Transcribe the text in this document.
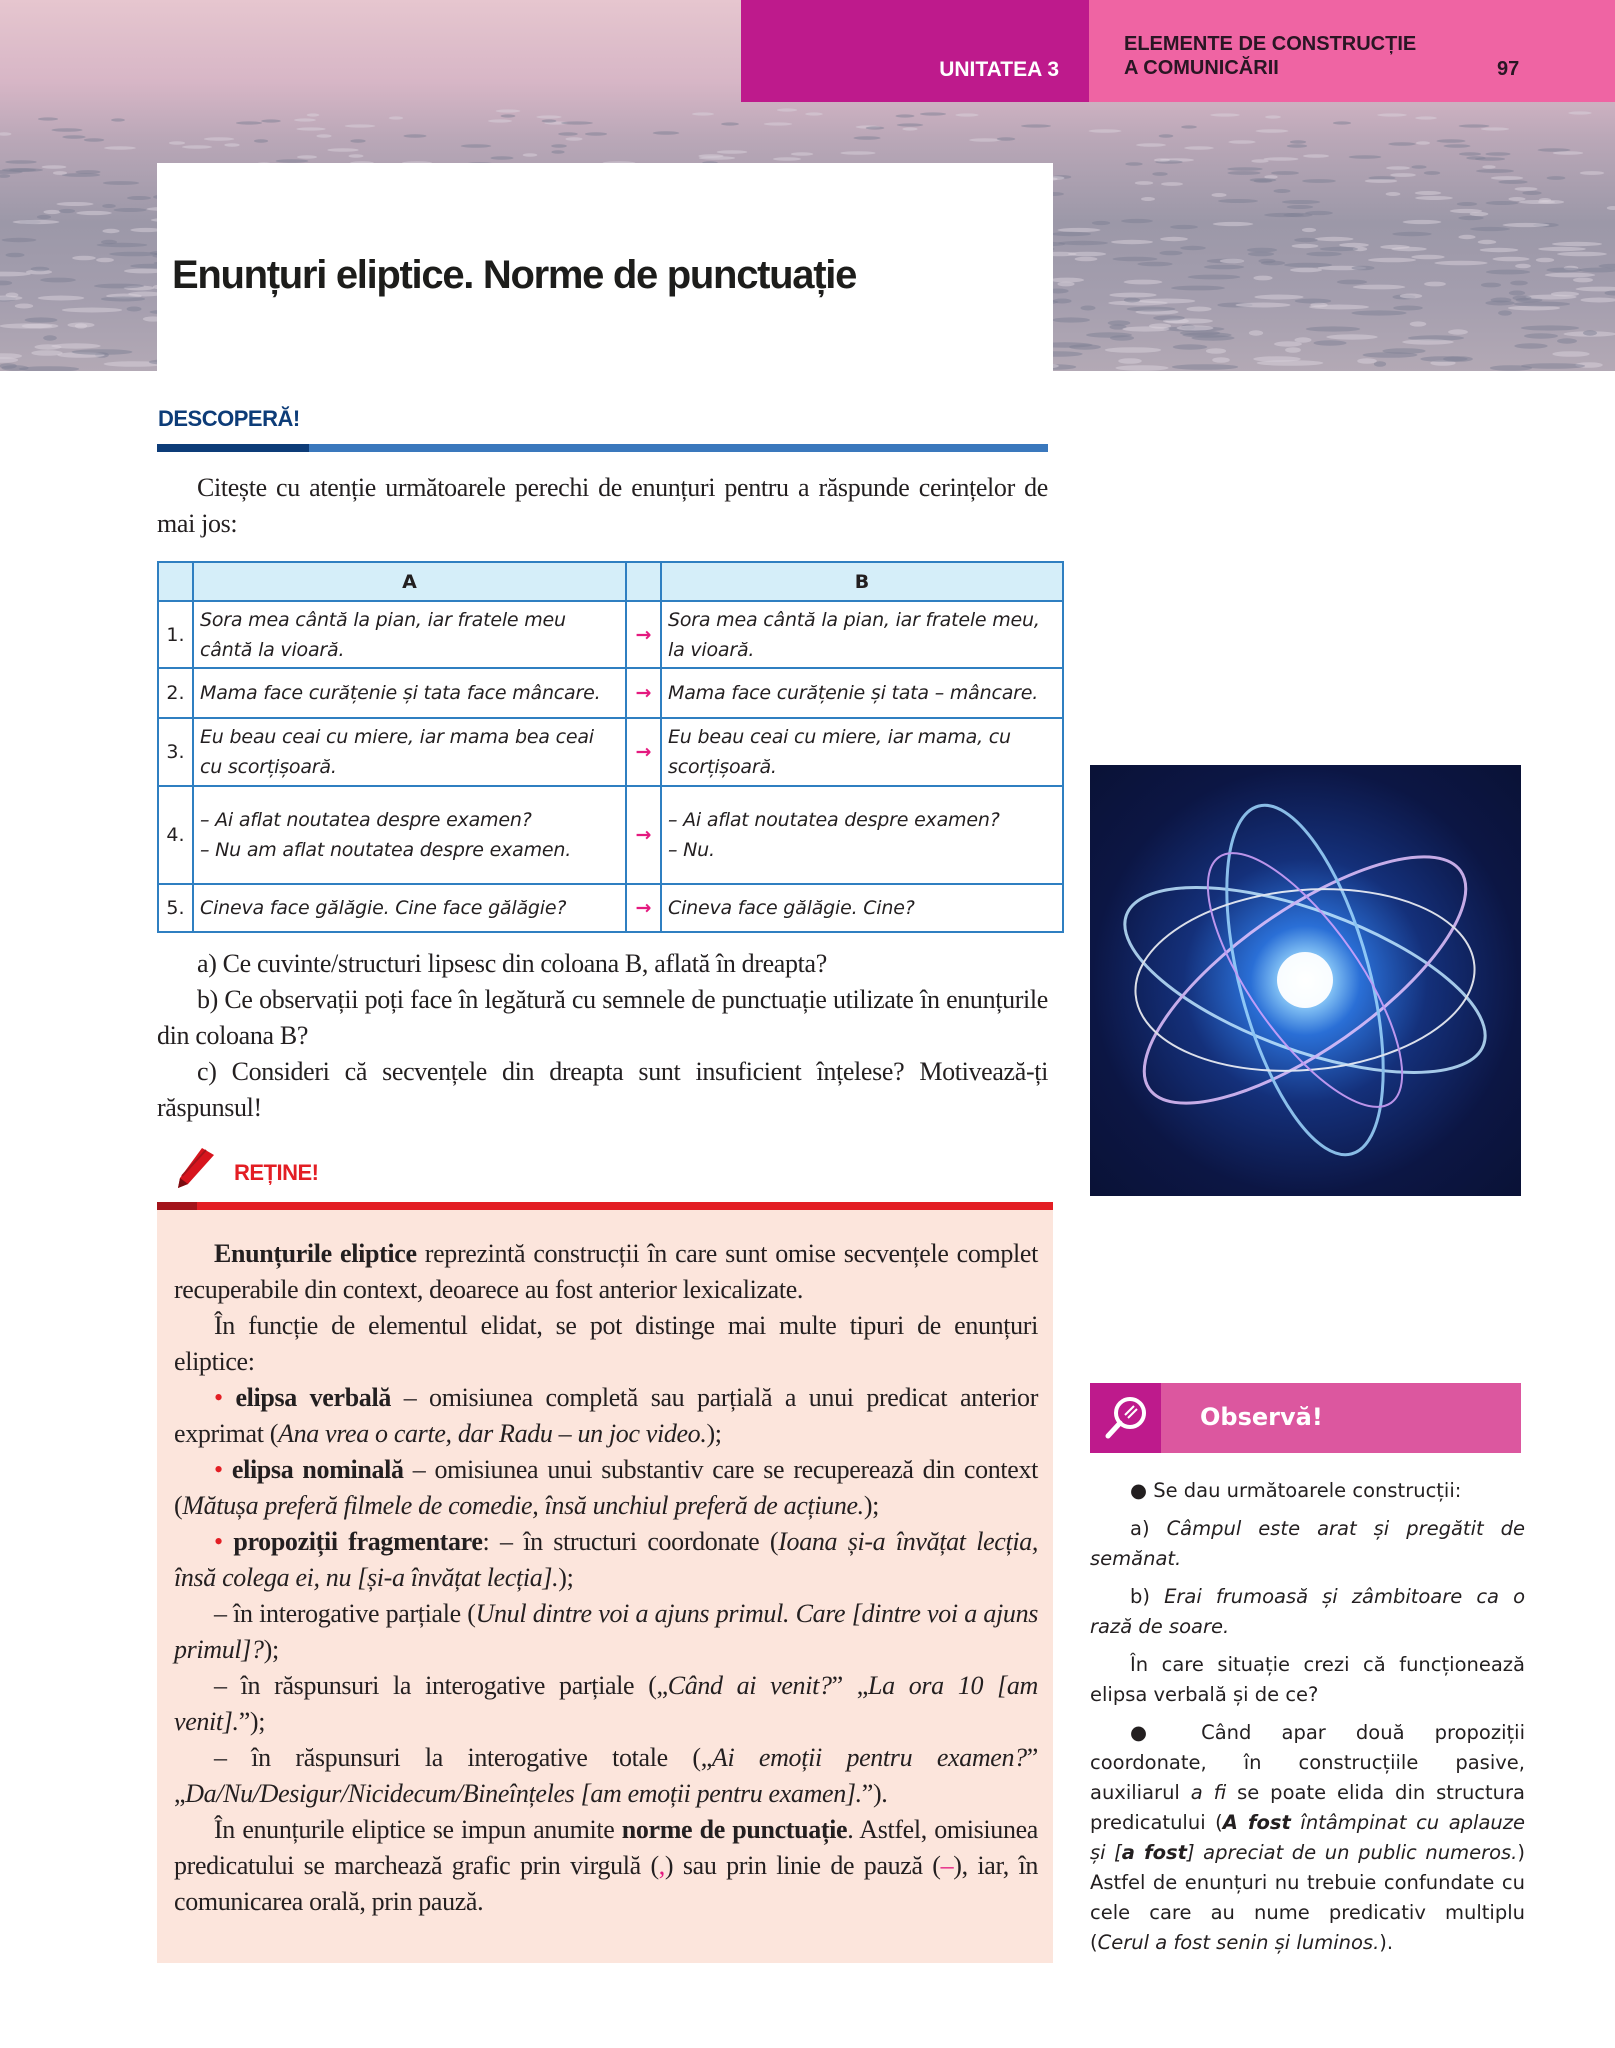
UNITATEA 3
ELEMENTE DE CONSTRUCȚIE
A COMUNICĂRII	97
Enunțuri eliptice. Norme de punctuație
DESCOPERĂ!

Citește cu atenție următoarele perechi de enunțuri pentru a răspunde cerințelor de mai jos:

	A		B
1.	Sora mea cântă la pian, iar fratele meu cântă la vioară.	→	Sora mea cântă la pian, iar fratele meu, la vioară.
2.	Mama face curățenie și tata face mâncare.	→	Mama face curățenie și tata – mâncare.
3.	Eu beau ceai cu miere, iar mama bea ceai cu scorțișoară.	→	Eu beau ceai cu miere, iar mama, cu scorțișoară.
4.	– Ai aflat noutatea despre examen?
– Nu am aflat noutatea despre examen.	→	– Ai aflat noutatea despre examen?
– Nu.
5.	Cineva face gălăgie. Cine face gălăgie?	→	Cineva face gălăgie. Cine?

a) Ce cuvinte/structuri lipsesc din coloana B, aflată în dreapta?

b) Ce observații poți face în legătură cu semnele de punctuație utilizate în enunțurile din coloana B?

c) Consideri că secvențele din dreapta sunt insuficient înțelese? Motivează-ți răspunsul!

REȚINE!

Enunțurile eliptice reprezintă construcții în care sunt omise secvențele complet recuperabile din context, deoarece au fost anterior lexicalizate.

În funcție de elementul elidat, se pot distinge mai multe tipuri de enunțuri eliptice:

• elipsa verbală – omisiunea completă sau parțială a unui predicat anterior exprimat (Ana vrea o carte, dar Radu – un joc video.);

• elipsa nominală – omisiunea unui substantiv care se recuperează din context (Mătușa preferă filmele de comedie, însă unchiul preferă de acțiune.);

• propoziții fragmentare: – în structuri coordonate (Ioana și-a învățat lecția, însă colega ei, nu [și-a învățat lecția].);

– în interogative parțiale (Unul dintre voi a ajuns primul. Care [dintre voi a ajuns primul]?);

– în răspunsuri la interogative parțiale („Când ai venit?” „La ora 10 [am venit].”);

– în răspunsuri la interogative totale („Ai emoții pentru examen?” „Da/Nu/Desigur/Nicidecum/Bineînțeles [am emoții pentru examen].”).

În enunțurile eliptice se impun anumite norme de punctuație. Astfel, omisiunea predicatului se marchează grafic prin virgulă (,) sau prin linie de pauză (–), iar, în comunicarea orală, prin pauză.

Observă!

● Se dau următoarele construcții:

a) Câmpul este arat și pregătit de semănat.

b) Erai frumoasă și zâmbitoare ca o rază de soare.

În care situație crezi că funcționează elipsa verbală și de ce?

● Când apar două propoziții coordonate, în construcțiile pasive, auxiliarul a fi se poate elida din structura predicatului (A fost întâmpinat cu aplauze și [a fost] apreciat de un public numeros.) Astfel de enunțuri nu trebuie confundate cu cele care au nume predicativ multiplu (Cerul a fost senin și luminos.).
